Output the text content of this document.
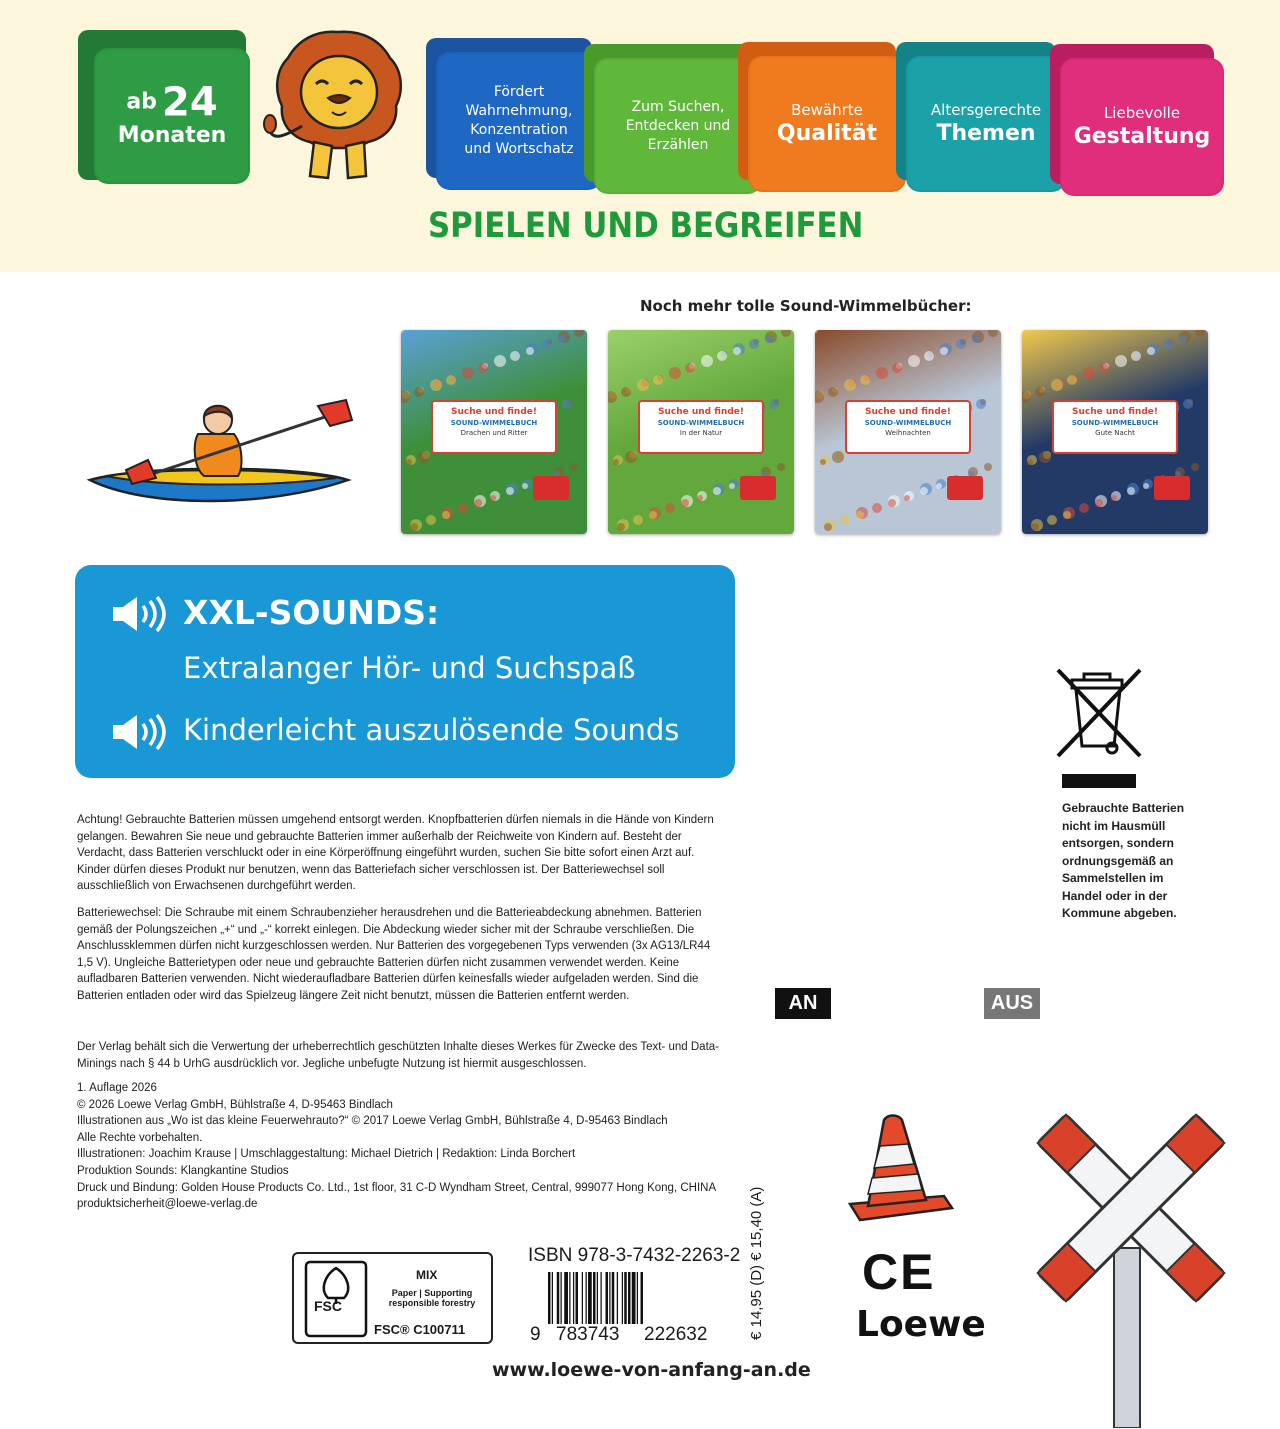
ab 24
Monaten
Fördert
Wahrnehmung,
Konzentration
und Wortschatz
Zum Suchen,
Entdecken und
Erzählen
Bewährte
Qualität
Altersgerechte
Themen
Liebevolle
Gestaltung
SPIELEN UND BEGREIFEN
Noch mehr tolle Sound-Wimmelbücher:
Suche und finde!
SOUND-WIMMELBUCH
Drachen und Ritter
Suche und finde!
SOUND-WIMMELBUCH
In der Natur
Suche und finde!
SOUND-WIMMELBUCH
Weihnachten
Suche und finde!
SOUND-WIMMELBUCH
Gute Nacht
XXL-SOUNDS:
Extralanger Hör- und Suchspaß
Kinderleicht auszulösende Sounds
Gebrauchte Batterien nicht im Hausmüll entsorgen, sondern ordnungsgemäß an Sammelstellen im Handel oder in der Kommune abgeben.

Achtung! Gebrauchte Batterien müssen umgehend entsorgt werden. Knopfbatterien dürfen niemals in die Hände von Kindern gelangen. Bewahren Sie neue und gebrauchte Batterien immer außerhalb der Reichweite von Kindern auf. Besteht der Verdacht, dass Batterien verschluckt oder in eine Körperöffnung eingeführt wurden, suchen Sie bitte sofort einen Arzt auf. Kinder dürfen dieses Produkt nur benutzen, wenn das Batteriefach sicher verschlossen ist. Der Batteriewechsel soll ausschließlich von Erwachsenen durchgeführt werden.

Batteriewechsel: Die Schraube mit einem Schraubenzieher herausdrehen und die Batterieabdeckung abnehmen. Batterien gemäß der Polungszeichen „+“ und „-“ korrekt einlegen. Die Abdeckung wieder sicher mit der Schraube verschließen. Die Anschlussklemmen dürfen nicht kurzgeschlossen werden. Nur Batterien des vorgegebenen Typs verwenden (3x AG13/LR44 1,5 V). Ungleiche Batterietypen oder neue und gebrauchte Batterien dürfen nicht zusammen verwendet werden. Keine aufladbaren Batterien verwenden. Nicht wiederaufladbare Batterien dürfen keinesfalls wieder aufgeladen werden. Sind die Batterien entladen oder wird das Spielzeug längere Zeit nicht benutzt, müssen die Batterien entfernt werden.

Der Verlag behält sich die Verwertung der urheberrechtlich geschützten Inhalte dieses Werkes für Zwecke des Text- und Data-Minings nach § 44 b UrhG ausdrücklich vor. Jegliche unbefugte Nutzung ist hiermit ausgeschlossen.

1. Auflage 2026

© 2026 Loewe Verlag GmbH, Bühlstraße 4, D-95463 Bindlach

Illustrationen aus „Wo ist das kleine Feuerwehrauto?“ © 2017 Loewe Verlag GmbH, Bühlstraße 4, D-95463 Bindlach

Alle Rechte vorbehalten.

Illustrationen: Joachim Krause | Umschlaggestaltung: Michael Dietrich | Redaktion: Linda Borchert

Produktion Sounds: Klangkantine Studios

Druck und Bindung: Golden House Products Co. Ltd., 1st floor, 31 C-D Wyndham Street, Central, 999077 Hong Kong, CHINA

produktsicherheit@loewe-verlag.de

AN	AUS
FSC
MIX
Paper | Supporting responsible forestry
FSC® C100711
ISBN 978-3-7432-2263-2
9 783743 222632	€ 14,95 (D) € 15,40 (A) CE
Loewe
www.loewe-von-anfang-an.de
